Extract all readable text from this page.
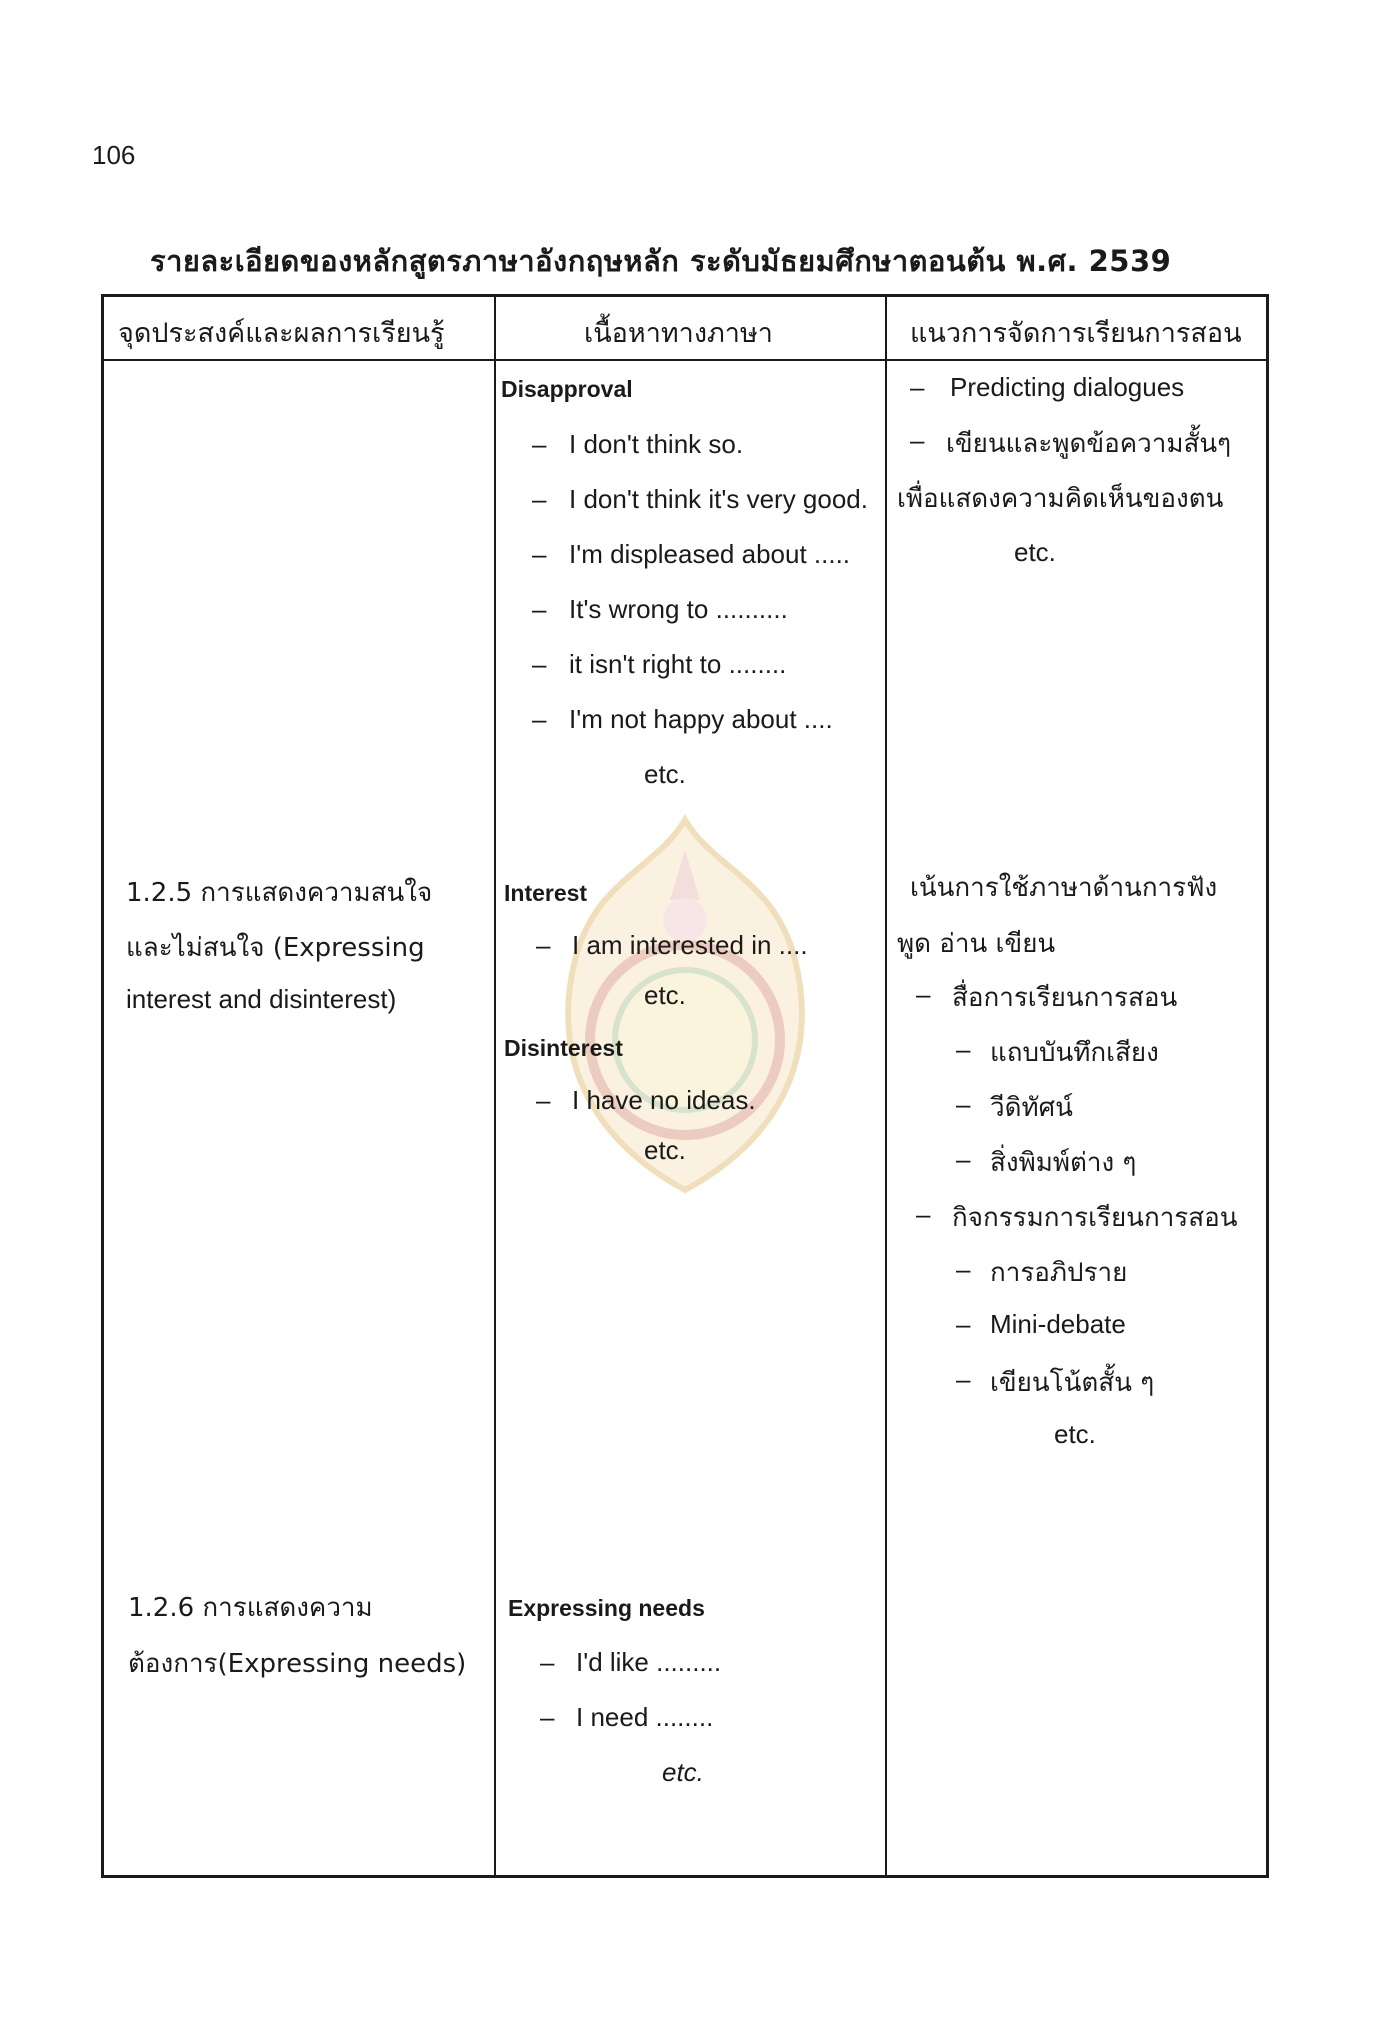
106
รายละเอียดของหลักสูตรภาษาอังกฤษหลัก ระดับมัธยมศึกษาตอนต้น พ.ศ. 2539
จุดประสงค์และผลการเรียนรู้	เนื้อหาทางภาษา	แนวการจัดการเรียนการสอน
Disapproval
– I don't think so.
– I don't think it's very good.
– I'm displeased about .....
– It's wrong to ..........
– it isn't right to ........
– I'm not happy about ....
etc.
– Predicting dialogues
– เขียนและพูดข้อความสั้นๆ
เพื่อแสดงความคิดเห็นของตน
etc.
1.2.5 การแสดงความสนใจ
และไม่สนใจ (Expressing
interest and disinterest)
Interest
– I am interested in ....
etc.
Disinterest
– I have no ideas.
etc.
เน้นการใช้ภาษาด้านการฟัง
พูด อ่าน เขียน
– สื่อการเรียนการสอน
– แถบบันทึกเสียง
– วีดิทัศน์
– สิ่งพิมพ์ต่าง ๆ
– กิจกรรมการเรียนการสอน
– การอภิปราย
– Mini-debate
– เขียนโน้ตสั้น ๆ
etc.
1.2.6 การแสดงความ
ต้องการ(Expressing needs)
Expressing needs
– I'd like .........
– I need ........
etc.
